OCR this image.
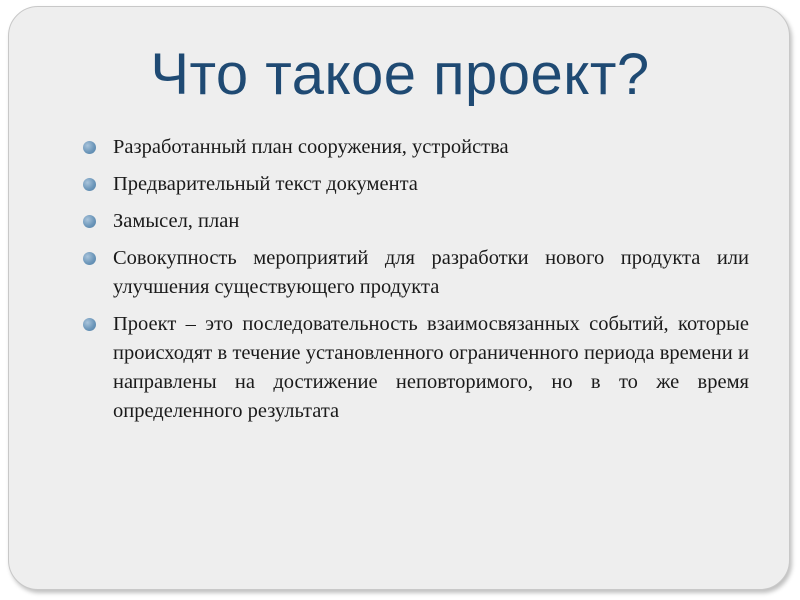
Что такое проект?
Разработанный план сооружения, устройства
Предварительный текст документа
Замысел, план
Совокупность мероприятий для разработки нового продукта или улучшения существующего продукта
Проект – это последовательность взаимосвязанных событий, которые происходят в течение установленного ограниченного периода времени и направлены на достижение неповторимого, но в то же время определенного результата
